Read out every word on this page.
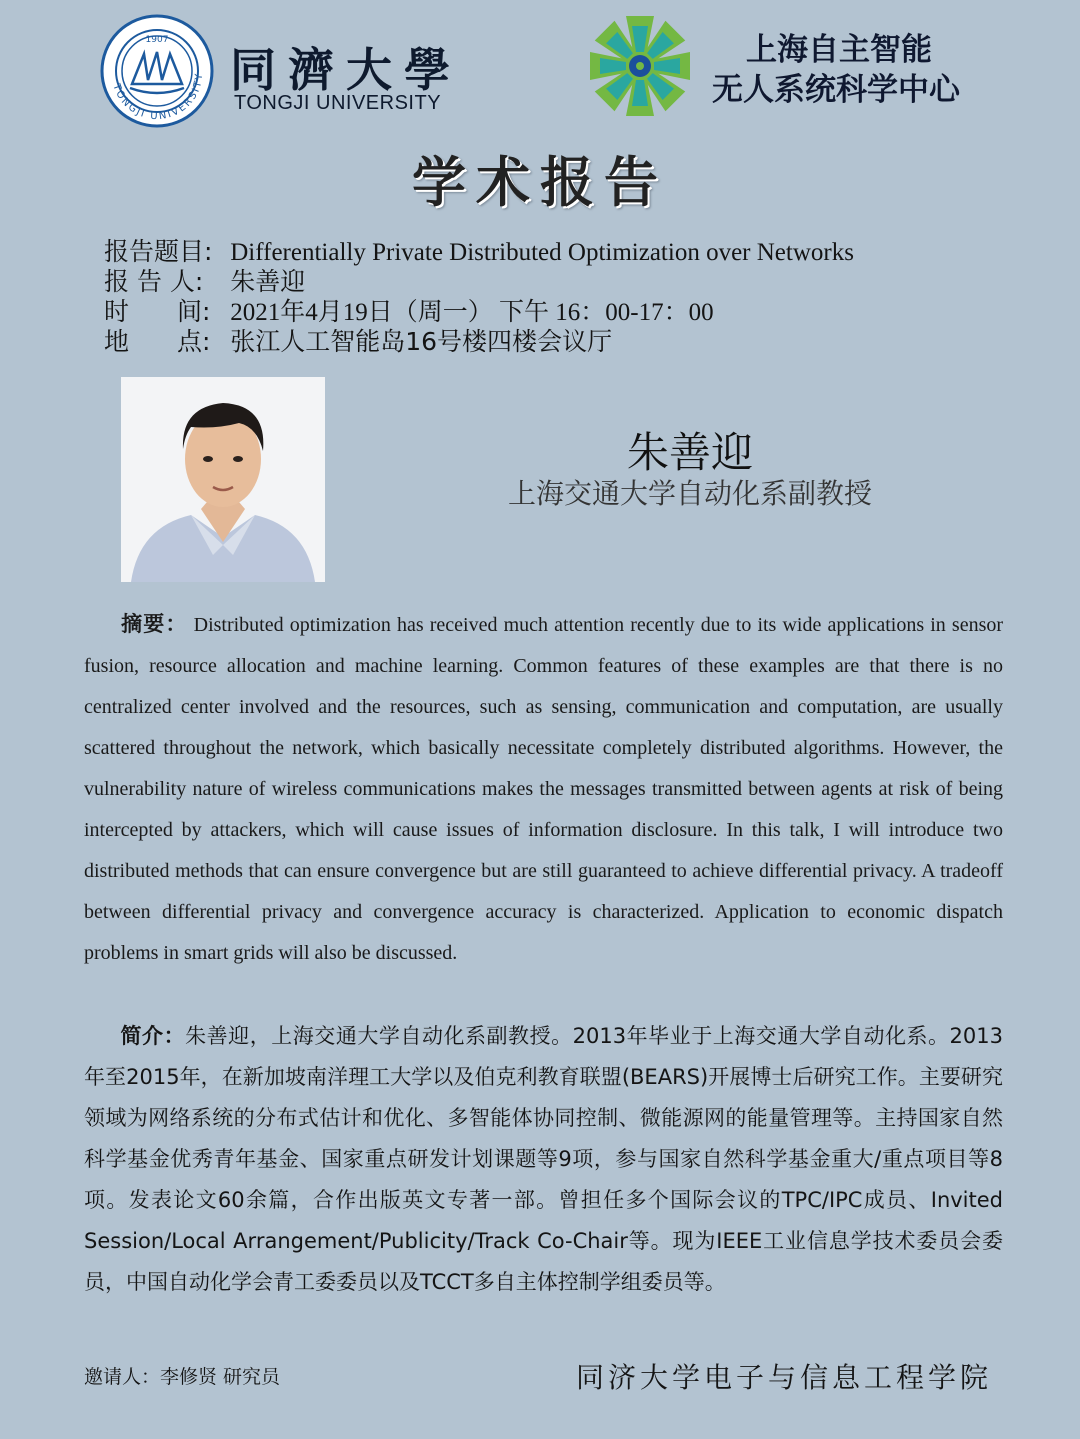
1907
TONGJI UNIVERSITY 同濟大學
TONGJI UNIVERSITY
上海自主智能
无人系统科学中心
学术报告
报告题目: Differentially Private Distributed Optimization over Networks
报 告 人: 朱善迎
时 间: 2021年4月19日（周一） 下午 16：00-17：00
地 点: 张江人工智能岛16号楼四楼会议厅
朱善迎
上海交通大学自动化系副教授
摘要： Distributed optimization has received much attention recently due to its wide applications in sensor fusion, resource allocation and machine learning. Common features of these examples are that there is no centralized center involved and the resources, such as sensing, communication and computation, are usually scattered throughout the network, which basically necessitate completely distributed algorithms. However, the vulnerability nature of wireless communications makes the messages transmitted between agents at risk of being intercepted by attackers, which will cause issues of information disclosure. In this talk, I will introduce two distributed methods that can ensure convergence but are still guaranteed to achieve differential privacy. A tradeoff between differential privacy and convergence accuracy is characterized. Application to economic dispatch problems in smart grids will also be discussed.
简介：朱善迎，上海交通大学自动化系副教授。2013年毕业于上海交通大学自动化系。2013年至2015年，在新加坡南洋理工大学以及伯克利教育联盟(BEARS)开展博士后研究工作。主要研究领域为网络系统的分布式估计和优化、多智能体协同控制、微能源网的能量管理等。主持国家自然科学基金优秀青年基金、国家重点研发计划课题等9项，参与国家自然科学基金重大/重点项目等8项。发表论文60余篇，合作出版英文专著一部。曾担任多个国际会议的TPC/IPC成员、Invited Session/Local Arrangement/Publicity/Track Co-Chair等。现为IEEE工业信息学技术委员会委员，中国自动化学会青工委委员以及TCCT多自主体控制学组委员等。
邀请人：李修贤 研究员	同济大学电子与信息工程学院
